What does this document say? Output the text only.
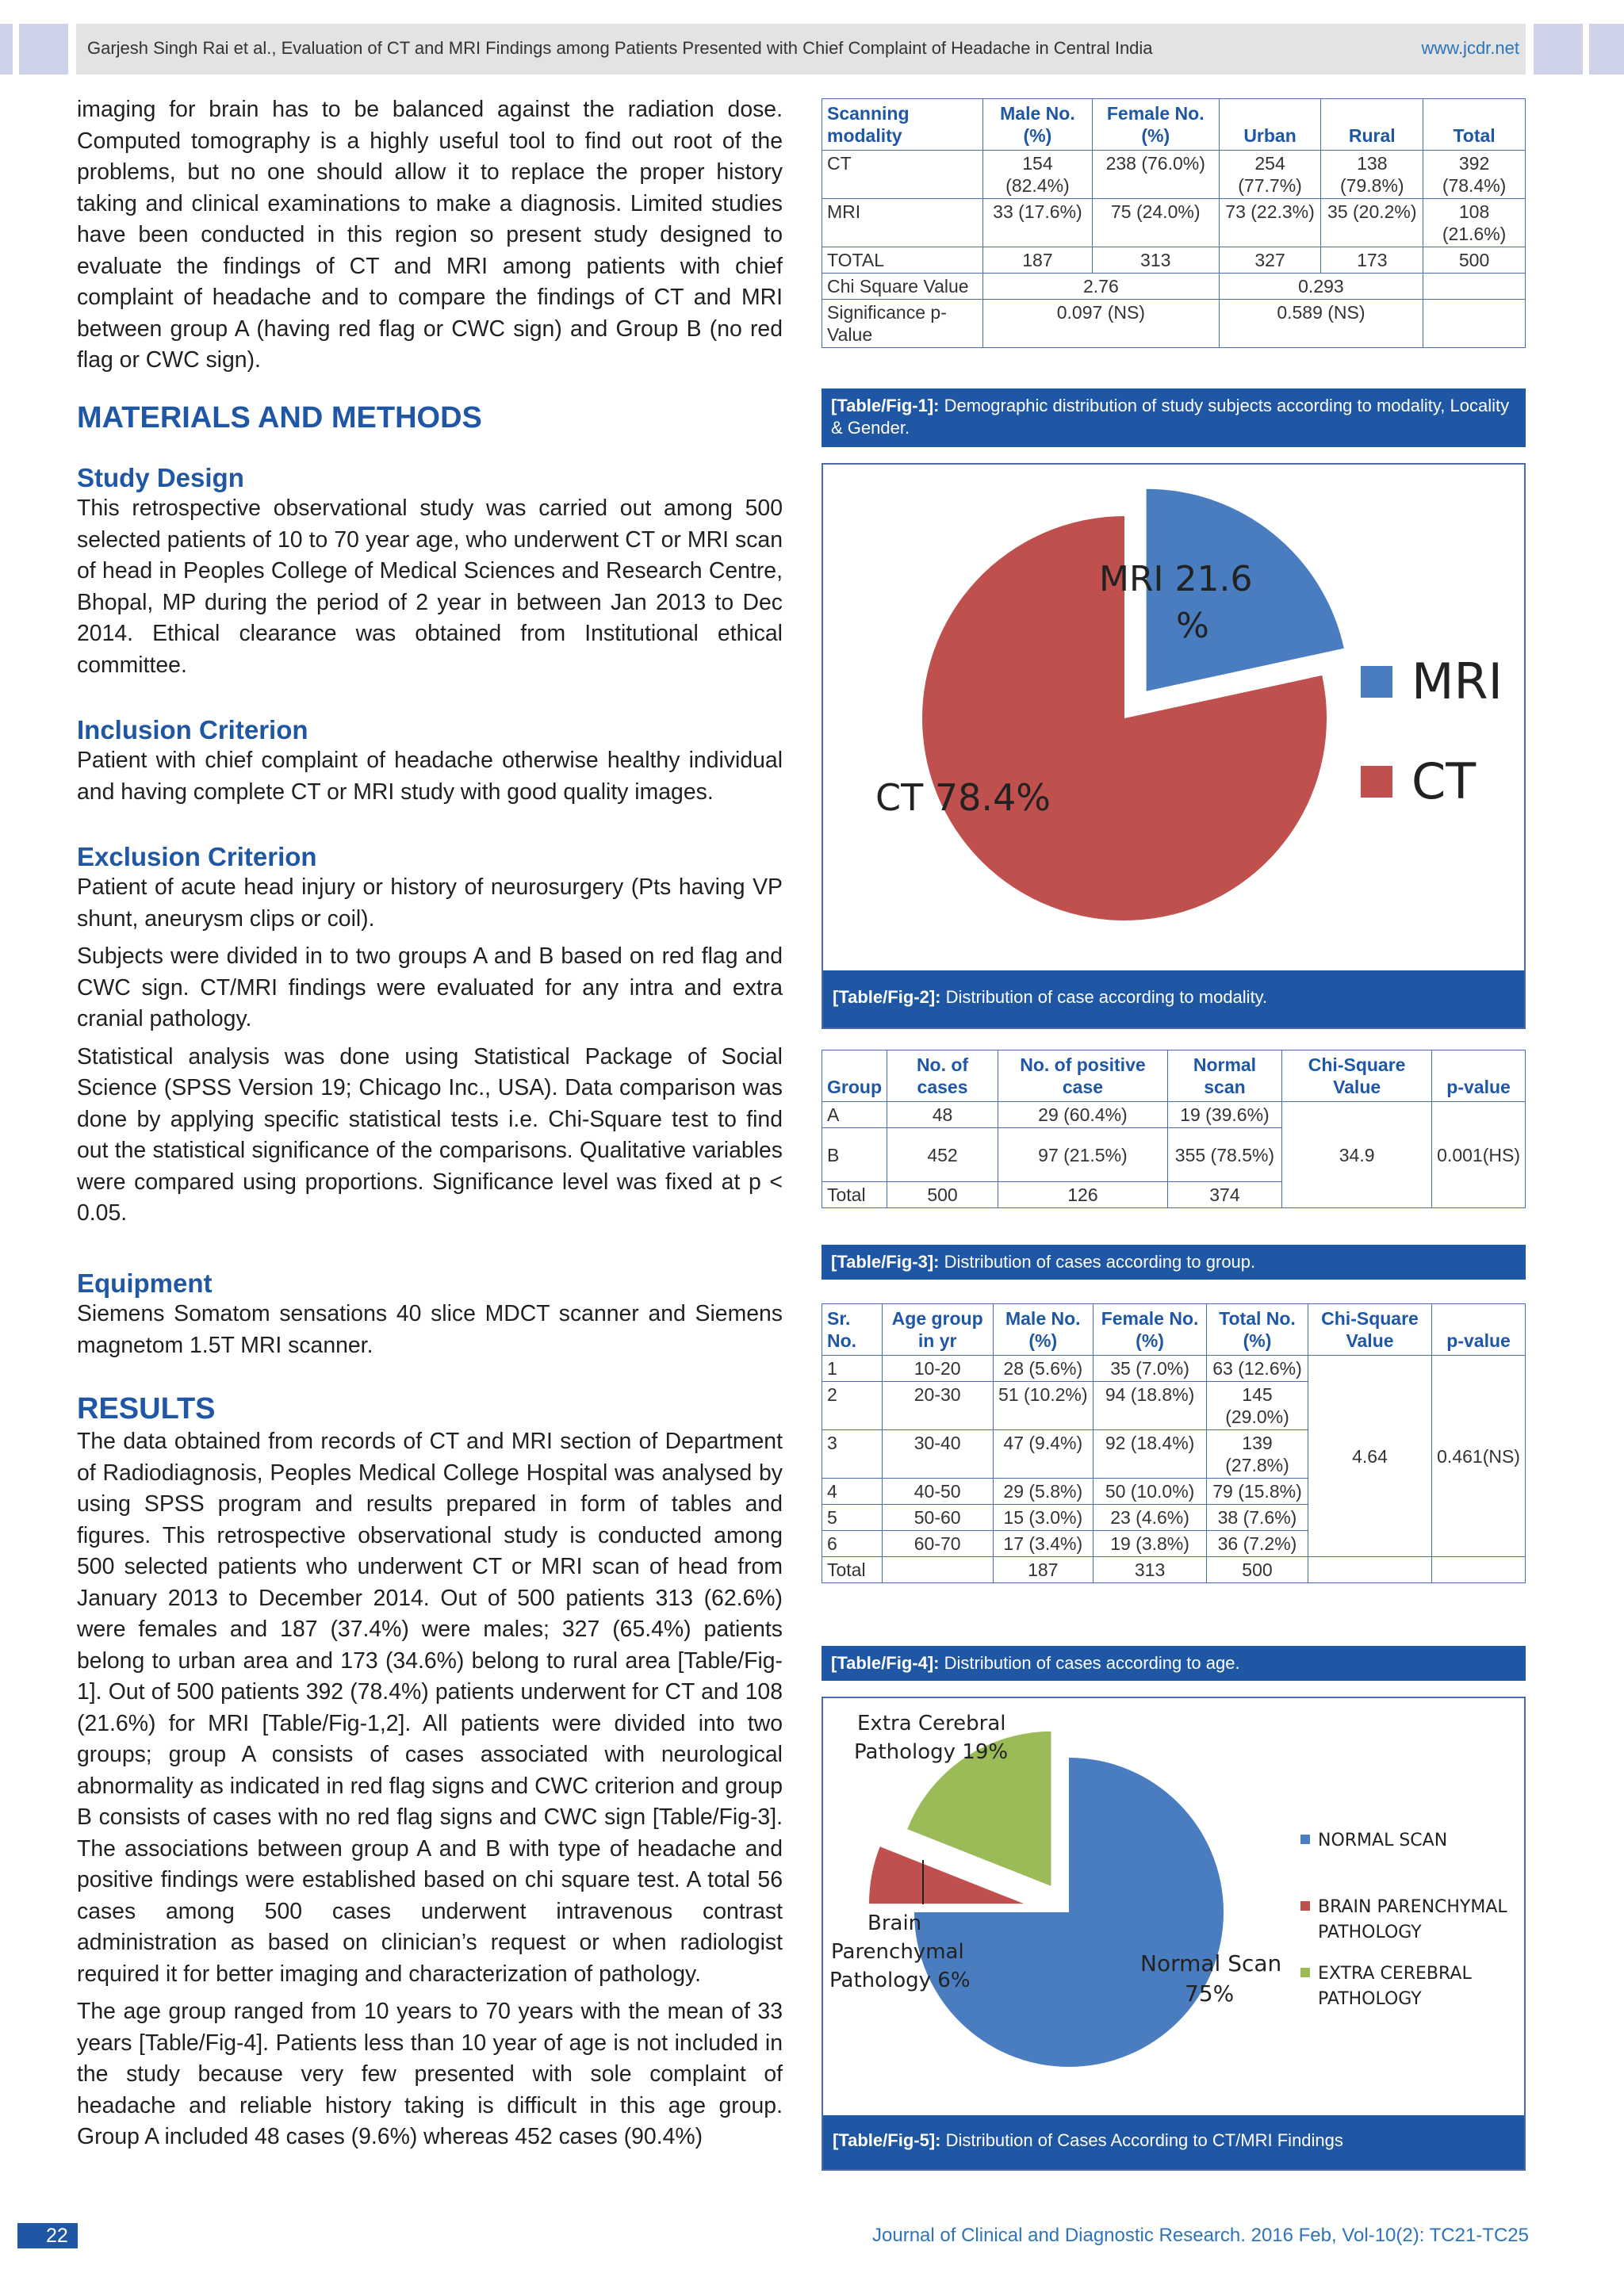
Garjesh Singh Rai et al., Evaluation of CT and MRI Findings among Patients Presented with Chief Complaint of Headache in Central India	www.jcdr.net

imaging for brain has to be balanced against the radiation dose. Computed tomography is a highly useful tool to find out root of the problems, but no one should allow it to replace the proper history taking and clinical examinations to make a diagnosis. Limited studies have been conducted in this region so present study designed to evaluate the findings of CT and MRI among patients with chief complaint of headache and to compare the findings of CT and MRI between group A (having red flag or CWC sign) and Group B (no red flag or CWC sign).

MATERIALS AND METHODS

Study Design

This retrospective observational study was carried out among 500 selected patients of 10 to 70 year age, who underwent CT or MRI scan of head in Peoples College of Medical Sciences and Research Centre, Bhopal, MP during the period of 2 year in between Jan 2013 to Dec 2014. Ethical clearance was obtained from Institutional ethical committee.

Inclusion Criterion

Patient with chief complaint of headache otherwise healthy individual and having complete CT or MRI study with good quality images.

Exclusion Criterion

Patient of acute head injury or history of neurosurgery (Pts having VP shunt, aneurysm clips or coil).

Subjects were divided in to two groups A and B based on red flag and CWC sign. CT/MRI findings were evaluated for any intra and extra cranial pathology.

Statistical analysis was done using Statistical Package of Social Science (SPSS Version 19; Chicago Inc., USA). Data comparison was done by applying specific statistical tests i.e. Chi-Square test to find out the statistical significance of the comparisons. Qualitative variables were compared using proportions. Significance level was fixed at p < 0.05.

Equipment

Siemens Somatom sensations 40 slice MDCT scanner and Siemens magnetom 1.5T MRI scanner.

RESULTS

The data obtained from records of CT and MRI section of Department of Radiodiagnosis, Peoples Medical College Hospital was analysed by using SPSS program and results prepared in form of tables and figures. This retrospective observational study is conducted among 500 selected patients who underwent CT or MRI scan of head from January 2013 to December 2014. Out of 500 patients 313 (62.6%) were females and 187 (37.4%) were males; 327 (65.4%) patients belong to urban area and 173 (34.6%) belong to rural area [Table/Fig-1]. Out of 500 patients 392 (78.4%) patients underwent for CT and 108 (21.6%) for MRI [Table/Fig-1,2]. All patients were divided into two groups; group A consists of cases associated with neurological abnormality as indicated in red flag signs and CWC criterion and group B consists of cases with no red flag signs and CWC sign [Table/Fig-3]. The associations between group A and B with type of headache and positive findings were established based on chi square test. A total 56 cases among 500 cases underwent intravenous contrast administration as based on clinician’s request or when radiologist required it for better imaging and characterization of pathology.

The age group ranged from 10 years to 70 years with the mean of 33 years [Table/Fig-4]. Patients less than 10 year of age is not included in the study because very few presented with sole complaint of headache and reliable history taking is difficult in this age group. Group A included 48 cases (9.6%) whereas 452 cases (90.4%)

Scanning modality	Male No. (%)	Female No. (%)	Urban	Rural	Total
CT	154 (82.4%)	238 (76.0%)	254 (77.7%)	138 (79.8%)	392 (78.4%)
MRI	33 (17.6%)	75 (24.0%)	73 (22.3%)	35 (20.2%)	108 (21.6%)
TOTAL	187	313	327	173	500
Chi Square Value	2.76		0.293		
Significance p-Value	0.097 (NS)		0.589 (NS)		
[Table/Fig-1]: Demographic distribution of study subjects according to modality, Locality & Gender.
MRI 21.6
%
CT 78.4%
MRI
CT
[Table/Fig-2]: Distribution of case according to modality.
Group	No. of cases	No. of positive case	Normal scan	Chi-Square Value	p-value
A	48	29 (60.4%)	19 (39.6%)	34.9	0.001(HS)
B	452	97 (21.5%)	355 (78.5%)		
Total	500	126	374		
[Table/Fig-3]: Distribution of cases according to group.
Sr. No.	Age group in yr	Male No. (%)	Female No. (%)	Total No. (%)	Chi-Square Value	p-value
1	10-20	28 (5.6%)	35 (7.0%)	63 (12.6%)	4.64	0.461(NS)
2	20-30	51 (10.2%)	94 (18.8%)	145 (29.0%)		
3	30-40	47 (9.4%)	92 (18.4%)	139 (27.8%)		
4	40-50	29 (5.8%)	50 (10.0%)	79 (15.8%)		
5	50-60	15 (3.0%)	23 (4.6%)	38 (7.6%)		
6	60-70	17 (3.4%)	19 (3.8%)	36 (7.2%)		
Total		187	313	500		
[Table/Fig-4]: Distribution of cases according to age.
Extra Cerebral
Pathology 19%
Brain
Parenchymal
Pathology 6%
Normal Scan
75%
NORMAL SCAN
BRAIN PARENCHYMAL
PATHOLOGY
EXTRA CEREBRAL
PATHOLOGY
[Table/Fig-5]: Distribution of Cases According to CT/MRI Findings
22	Journal of Clinical and Diagnostic Research. 2016 Feb, Vol-10(2): TC21-TC25
